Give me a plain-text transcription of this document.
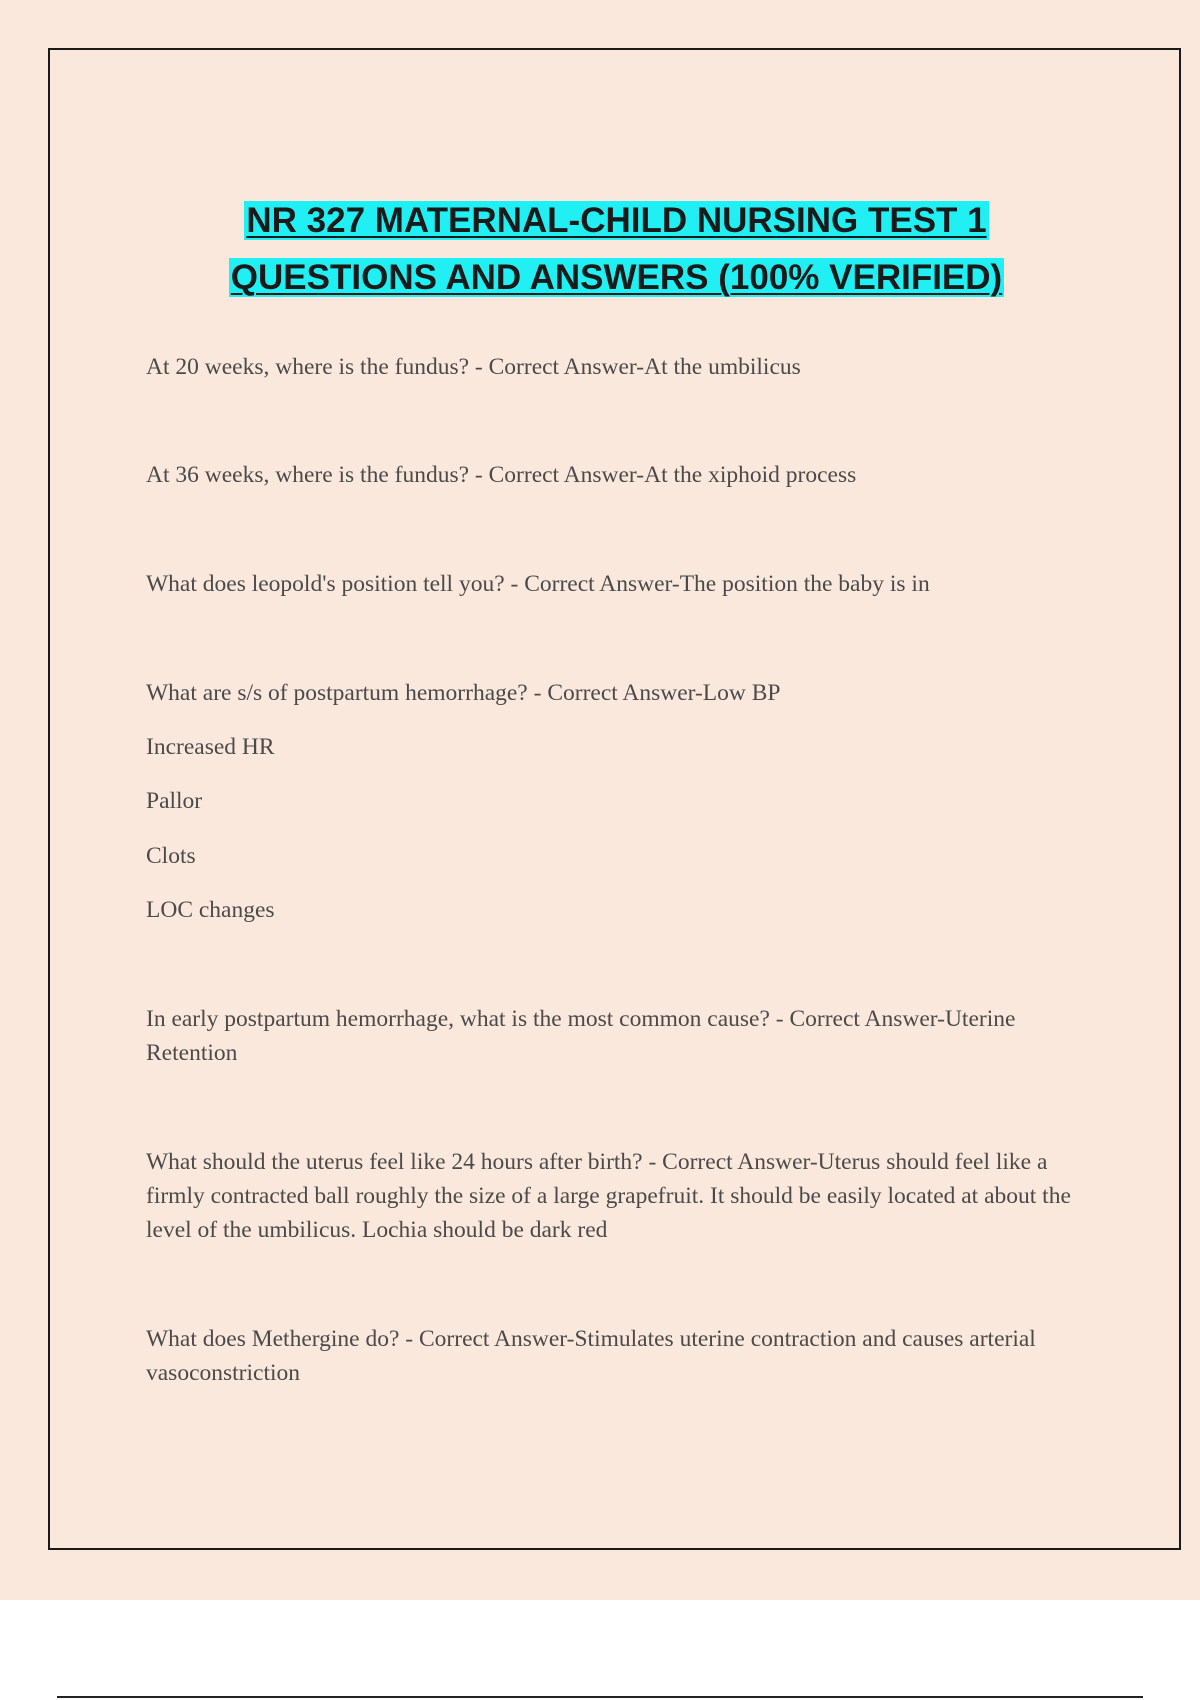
NR 327 MATERNAL-CHILD NURSING TEST 1
QUESTIONS AND ANSWERS (100% VERIFIED)

At 20 weeks, where is the fundus? - Correct Answer-At the umbilicus

At 36 weeks, where is the fundus? - Correct Answer-At the xiphoid process

What does leopold's position tell you? - Correct Answer-The position the baby is in

What are s/s of postpartum hemorrhage? - Correct Answer-Low BP

Increased HR

Pallor

Clots

LOC changes

In early postpartum hemorrhage, what is the most common cause? - Correct Answer-Uterine Retention

What should the uterus feel like 24 hours after birth? - Correct Answer-Uterus should feel like a firmly contracted ball roughly the size of a large grapefruit. It should be easily located at about the level of the umbilicus. Lochia should be dark red

What does Methergine do? - Correct Answer-Stimulates uterine contraction and causes arterial vasoconstriction
